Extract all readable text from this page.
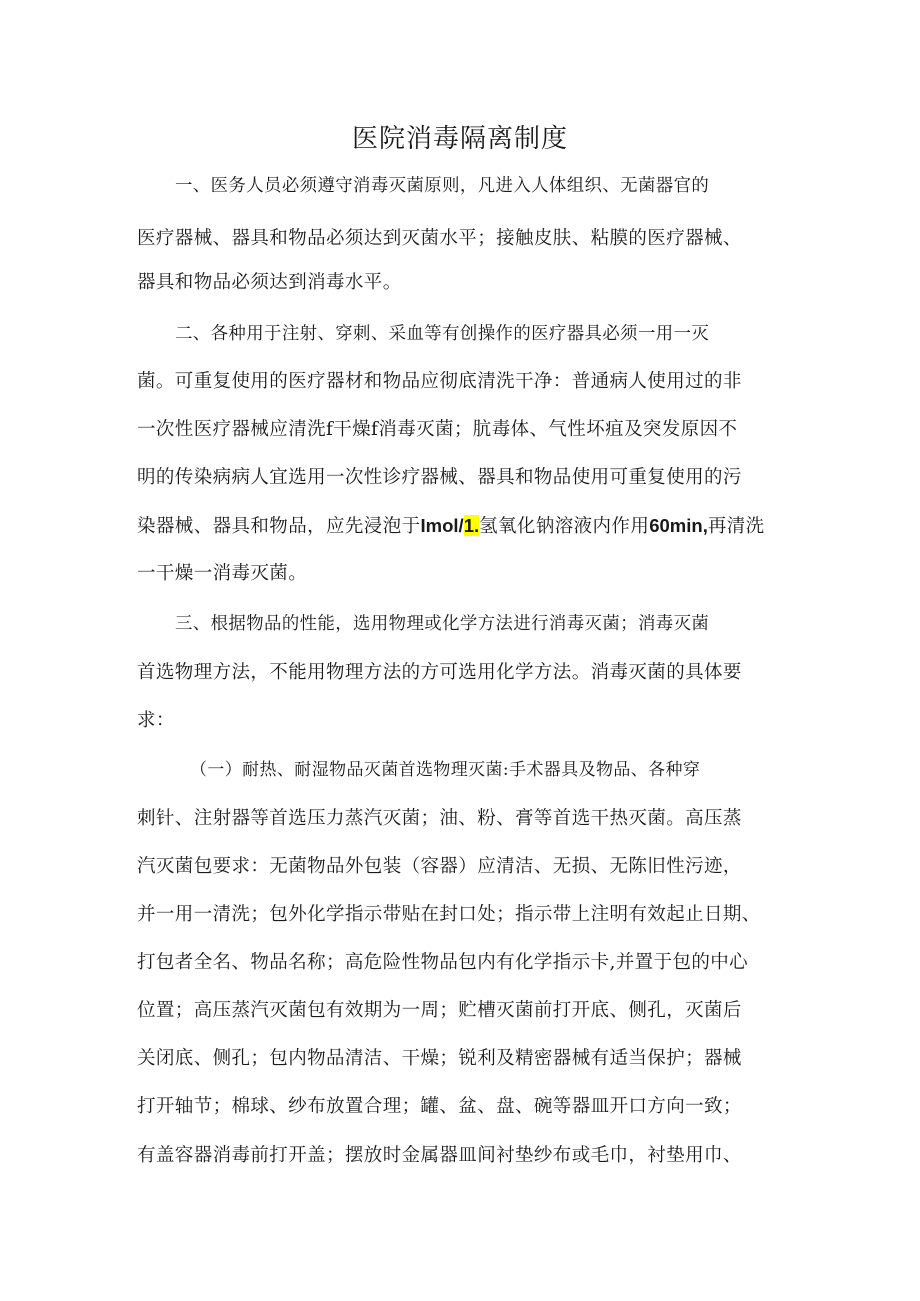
医院消毒隔离制度
一、医务人员必须遵守消毒灭菌原则，凡进入人体组织、无菌器官的
医疗器械、器具和物品必须达到灭菌水平；接触皮肤、粘膜的医疗器械、
器具和物品必须达到消毒水平。
二、各种用于注射、穿刺、采血等有创操作的医疗器具必须一用一灭
菌。可重复使用的医疗器材和物品应彻底清洗干净：普通病人使用过的非
一次性医疗器械应清洗f干燥f消毒灭菌；肮毒体、气性坏疽及突发原因不
明的传染病病人宜选用一次性诊疗器械、器具和物品使用可重复使用的污
染器械、器具和物品，应先浸泡于Imol/1.氢氧化钠溶液内作用60min,再清洗
一干燥一消毒灭菌。
三、根据物品的性能，选用物理或化学方法进行消毒灭菌；消毒灭菌
首选物理方法，不能用物理方法的方可选用化学方法。消毒灭菌的具体要
求：
（一）耐热、耐湿物品灭菌首选物理灭菌:手术器具及物品、各种穿
刺针、注射器等首选压力蒸汽灭菌；油、粉、膏等首选干热灭菌。高压蒸
汽灭菌包要求：无菌物品外包装（容器）应清洁、无损、无陈旧性污迹，
并一用一清洗；包外化学指示带贴在封口处；指示带上注明有效起止日期、
打包者全名、物品名称；高危险性物品包内有化学指示卡,并置于包的中心
位置；高压蒸汽灭菌包有效期为一周；贮槽灭菌前打开底、侧孔，灭菌后
关闭底、侧孔；包内物品清洁、干燥；锐利及精密器械有适当保护；器械
打开轴节；棉球、纱布放置合理；罐、盆、盘、碗等器皿开口方向一致；
有盖容器消毒前打开盖；摆放时金属器皿间衬垫纱布或毛巾，衬垫用巾、
